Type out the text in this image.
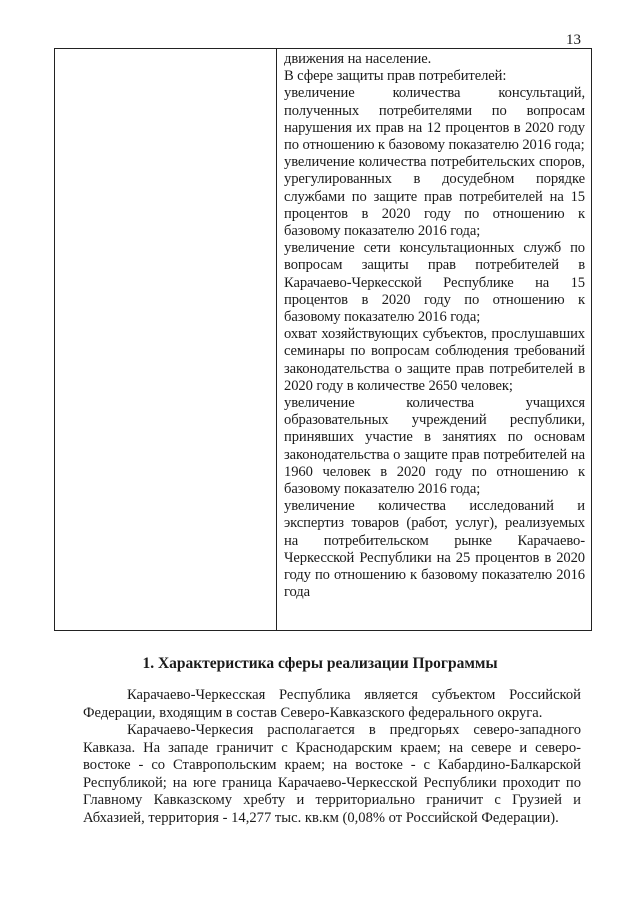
13

движения на население.

В сфере защиты прав потребителей:

увеличение количества консультаций, полученных потребителями по вопросам нарушения их прав на 12 процентов в 2020 году по отношению к базовому показателю 2016 года;

увеличение количества потребительских споров, урегулированных в досудебном порядке службами по защите прав потребителей на 15 процентов в 2020 году по отношению к базовому показателю 2016 года;

увеличение сети консультационных служб по вопросам защиты прав потребителей в Карачаево-Черкесской Республике на 15 процентов в 2020 году по отношению к базовому показателю 2016 года;

охват хозяйствующих субъектов, прослушавших семинары по вопросам соблюдения требований законодательства о защите прав потребителей в 2020 году в количестве 2650 человек;

увеличение количества учащихся образовательных учреждений республики, принявших участие в занятиях по основам законодательства о защите прав потребителей на 1960 человек в 2020 году по отношению к базовому показателю 2016 года;

увеличение количества исследований и экспертиз товаров (работ, услуг), реализуемых на потребительском рынке Карачаево-Черкесской Республики на 25 процентов в 2020 году по отношению к базовому показателю 2016 года

1. Характеристика сферы реализации Программы

Карачаево-Черкесская Республика является субъектом Российской Федерации, входящим в состав Северо-Кавказского федерального округа.

Карачаево-Черкесия располагается в предгорьях северо-западного Кавказа. На западе граничит с Краснодарским краем; на севере и северо-востоке - со Ставропольским краем; на востоке - с Кабардино-Балкарской Республикой; на юге граница Карачаево-Черкесской Республики проходит по Главному Кавказскому хребту и территориально граничит с Грузией и Абхазией, территория - 14,277 тыс. кв.км (0,08% от Российской Федерации).
